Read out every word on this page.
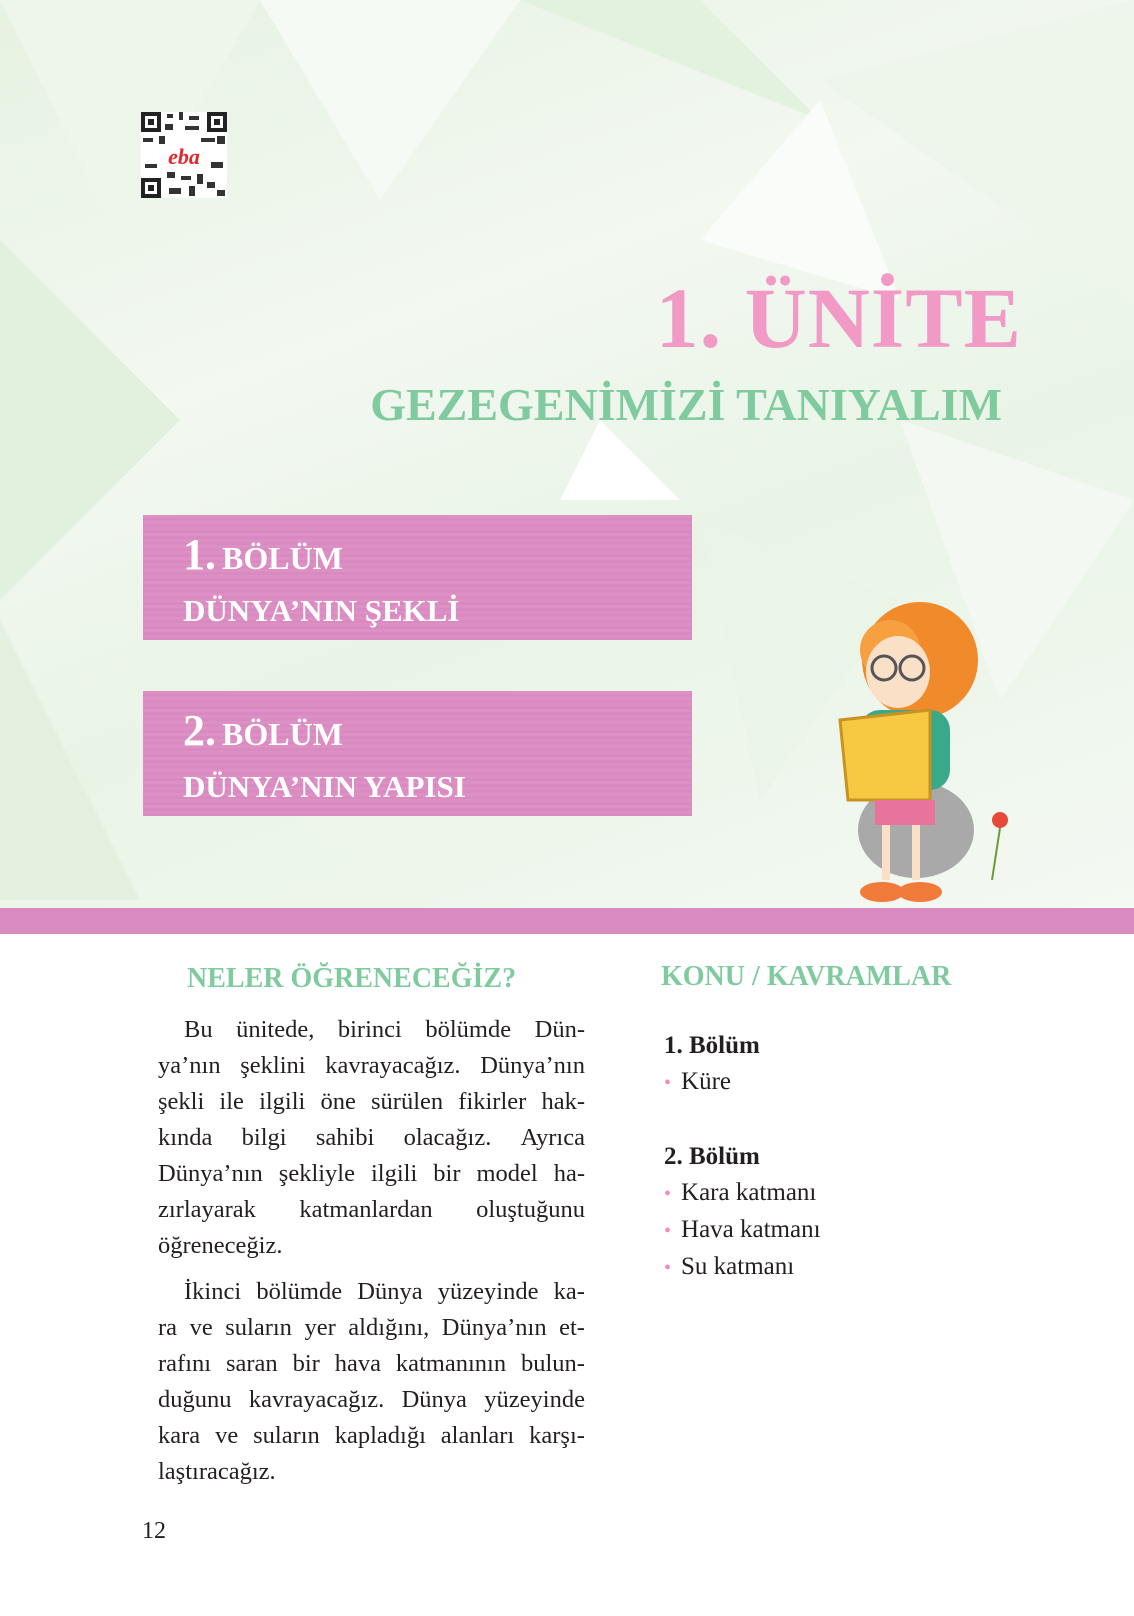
eba
1. ÜNİTE
GEZEGENİMİZİ TANIYALIM
1. BÖLÜM
DÜNYA’NIN ŞEKLİ
2. BÖLÜM
DÜNYA’NIN YAPISI
NELER ÖĞRENECEĞİZ?
Bu ünitede, birinci bölümde Dün-
ya’nın şeklini kavrayacağız. Dünya’nın
şekli ile ilgili öne sürülen fikirler hak-
kında bilgi sahibi olacağız. Ayrıca
Dünya’nın şekliyle ilgili bir model ha-
zırlayarak katmanlardan oluştuğunu
öğreneceğiz.
İkinci bölümde Dünya yüzeyinde ka-
ra ve suların yer aldığını, Dünya’nın et-
rafını saran bir hava katmanının bulun-
duğunu kavrayacağız. Dünya yüzeyinde
kara ve suların kapladığı alanları karşı-
laştıracağız.
KONU / KAVRAMLAR
1. Bölüm
• Küre
2. Bölüm
• Kara katmanı
• Hava katmanı
• Su katmanı
12
